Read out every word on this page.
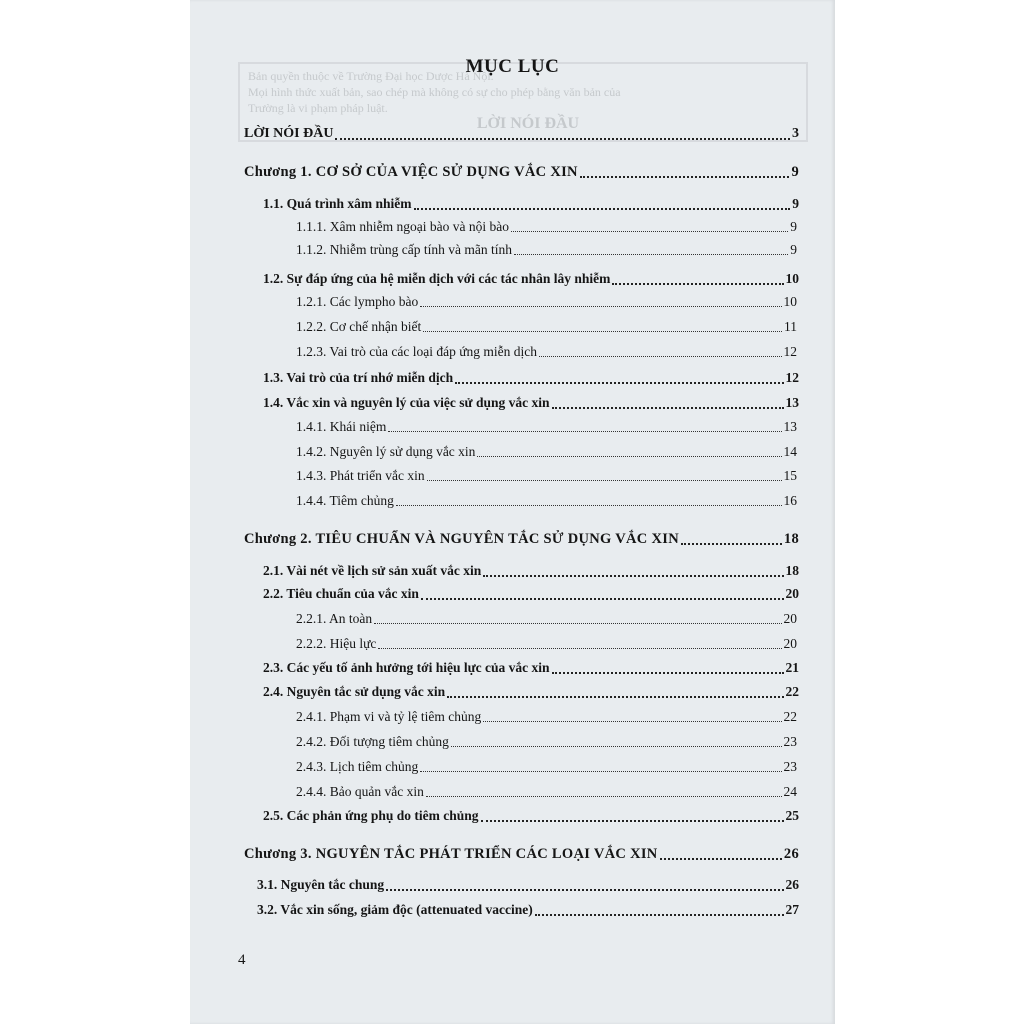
Bản quyền thuộc về Trường Đại học Dược Hà Nội.
Mọi hình thức xuất bản, sao chép mà không có sự cho phép bằng văn bản của
Trường là vi phạm pháp luật.
LỜI NÓI ĐẦU
MỤC LỤC
LỜI NÓI ĐẦU	3
Chương 1. CƠ SỞ CỦA VIỆC SỬ DỤNG VẮC XIN	9
1.1. Quá trình xâm nhiễm	9
1.1.1. Xâm nhiễm ngoại bào và nội bào	9
1.1.2. Nhiễm trùng cấp tính và mãn tính	9
1.2. Sự đáp ứng của hệ miễn dịch với các tác nhân lây nhiễm	10
1.2.1. Các lympho bào	10
1.2.2. Cơ chế nhận biết	11
1.2.3. Vai trò của các loại đáp ứng miễn dịch	12
1.3. Vai trò của trí nhớ miễn dịch	12
1.4. Vắc xin và nguyên lý của việc sử dụng vắc xin	13
1.4.1. Khái niệm	13
1.4.2. Nguyên lý sử dụng vắc xin	14
1.4.3. Phát triển vắc xin	15
1.4.4. Tiêm chủng	16
Chương 2. TIÊU CHUẨN VÀ NGUYÊN TẮC SỬ DỤNG VẮC XIN	18
2.1. Vài nét về lịch sử sản xuất vắc xin	18
2.2. Tiêu chuẩn của vắc xin	20
2.2.1. An toàn	20
2.2.2. Hiệu lực	20
2.3. Các yếu tố ảnh hưởng tới hiệu lực của vắc xin	21
2.4. Nguyên tắc sử dụng vắc xin	22
2.4.1. Phạm vi và tỷ lệ tiêm chủng	22
2.4.2. Đối tượng tiêm chủng	23
2.4.3. Lịch tiêm chủng	23
2.4.4. Bảo quản vắc xin	24
2.5. Các phản ứng phụ do tiêm chủng	25
Chương 3. NGUYÊN TẮC PHÁT TRIỂN CÁC LOẠI VẮC XIN	26
3.1. Nguyên tắc chung	26
3.2. Vắc xin sống, giảm độc (attenuated vaccine)	27
4
